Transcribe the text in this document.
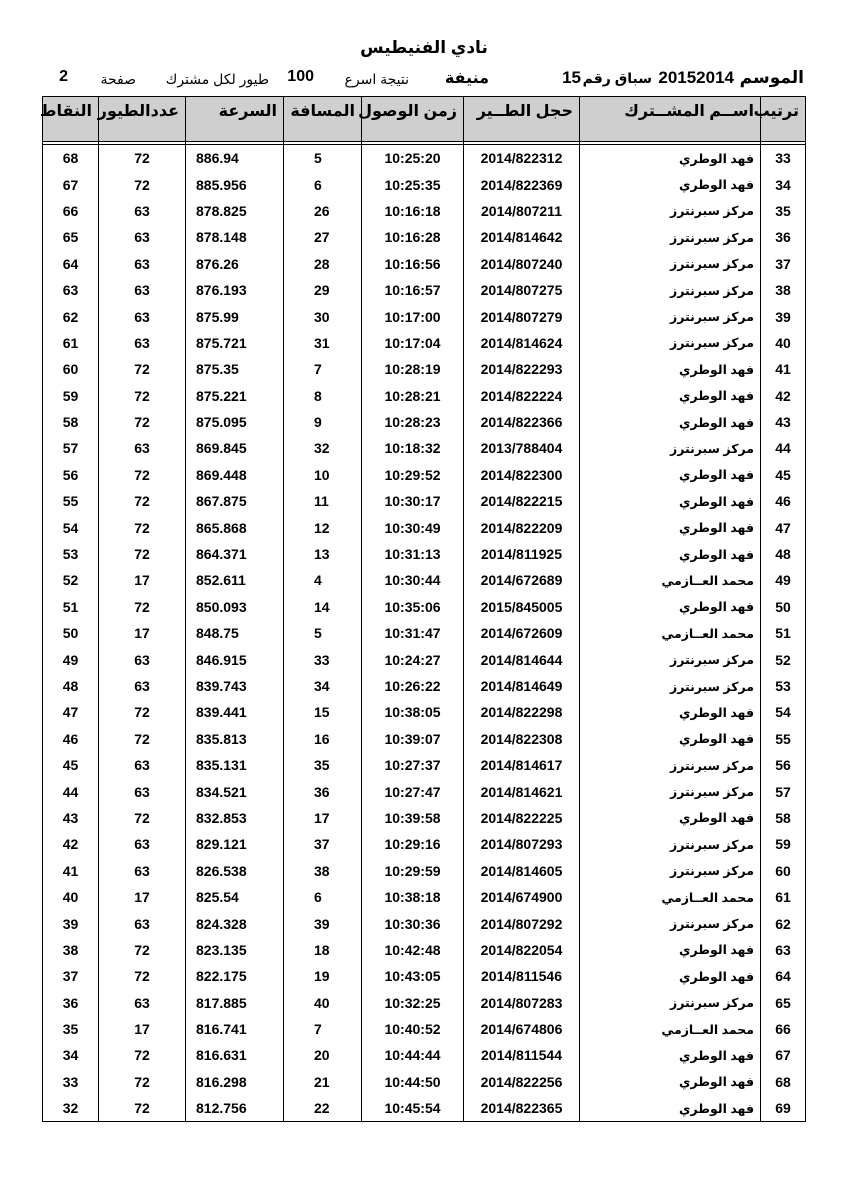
نادي الفنيطيس
الموسم
20152014
سباق رقم
15
منيفة
نتيجة اسرع
100
طيور لكل مشترك
صفحة
2
ترتيب	اســم المشــترك	حجل الطــير	زمن الوصول	المسافة	السرعة	عددالطيور	النقاط

33	فهد الوطري	2014/822312	10:25:20	5	886.94	72	68
34	فهد الوطري	2014/822369	10:25:35	6	885.956	72	67
35	مركز سبرنترز	2014/807211	10:16:18	26	878.825	63	66
36	مركز سبرنترز	2014/814642	10:16:28	27	878.148	63	65
37	مركز سبرنترز	2014/807240	10:16:56	28	876.26	63	64
38	مركز سبرنترز	2014/807275	10:16:57	29	876.193	63	63
39	مركز سبرنترز	2014/807279	10:17:00	30	875.99	63	62
40	مركز سبرنترز	2014/814624	10:17:04	31	875.721	63	61
41	فهد الوطري	2014/822293	10:28:19	7	875.35	72	60
42	فهد الوطري	2014/822224	10:28:21	8	875.221	72	59
43	فهد الوطري	2014/822366	10:28:23	9	875.095	72	58
44	مركز سبرنترز	2013/788404	10:18:32	32	869.845	63	57
45	فهد الوطري	2014/822300	10:29:52	10	869.448	72	56
46	فهد الوطري	2014/822215	10:30:17	11	867.875	72	55
47	فهد الوطري	2014/822209	10:30:49	12	865.868	72	54
48	فهد الوطري	2014/811925	10:31:13	13	864.371	72	53
49	محمد العــازمي	2014/672689	10:30:44	4	852.611	17	52
50	فهد الوطري	2015/845005	10:35:06	14	850.093	72	51
51	محمد العــازمي	2014/672609	10:31:47	5	848.75	17	50
52	مركز سبرنترز	2014/814644	10:24:27	33	846.915	63	49
53	مركز سبرنترز	2014/814649	10:26:22	34	839.743	63	48
54	فهد الوطري	2014/822298	10:38:05	15	839.441	72	47
55	فهد الوطري	2014/822308	10:39:07	16	835.813	72	46
56	مركز سبرنترز	2014/814617	10:27:37	35	835.131	63	45
57	مركز سبرنترز	2014/814621	10:27:47	36	834.521	63	44
58	فهد الوطري	2014/822225	10:39:58	17	832.853	72	43
59	مركز سبرنترز	2014/807293	10:29:16	37	829.121	63	42
60	مركز سبرنترز	2014/814605	10:29:59	38	826.538	63	41
61	محمد العــازمي	2014/674900	10:38:18	6	825.54	17	40
62	مركز سبرنترز	2014/807292	10:30:36	39	824.328	63	39
63	فهد الوطري	2014/822054	10:42:48	18	823.135	72	38
64	فهد الوطري	2014/811546	10:43:05	19	822.175	72	37
65	مركز سبرنترز	2014/807283	10:32:25	40	817.885	63	36
66	محمد العــازمي	2014/674806	10:40:52	7	816.741	17	35
67	فهد الوطري	2014/811544	10:44:44	20	816.631	72	34
68	فهد الوطري	2014/822256	10:44:50	21	816.298	72	33
69	فهد الوطري	2014/822365	10:45:54	22	812.756	72	32
